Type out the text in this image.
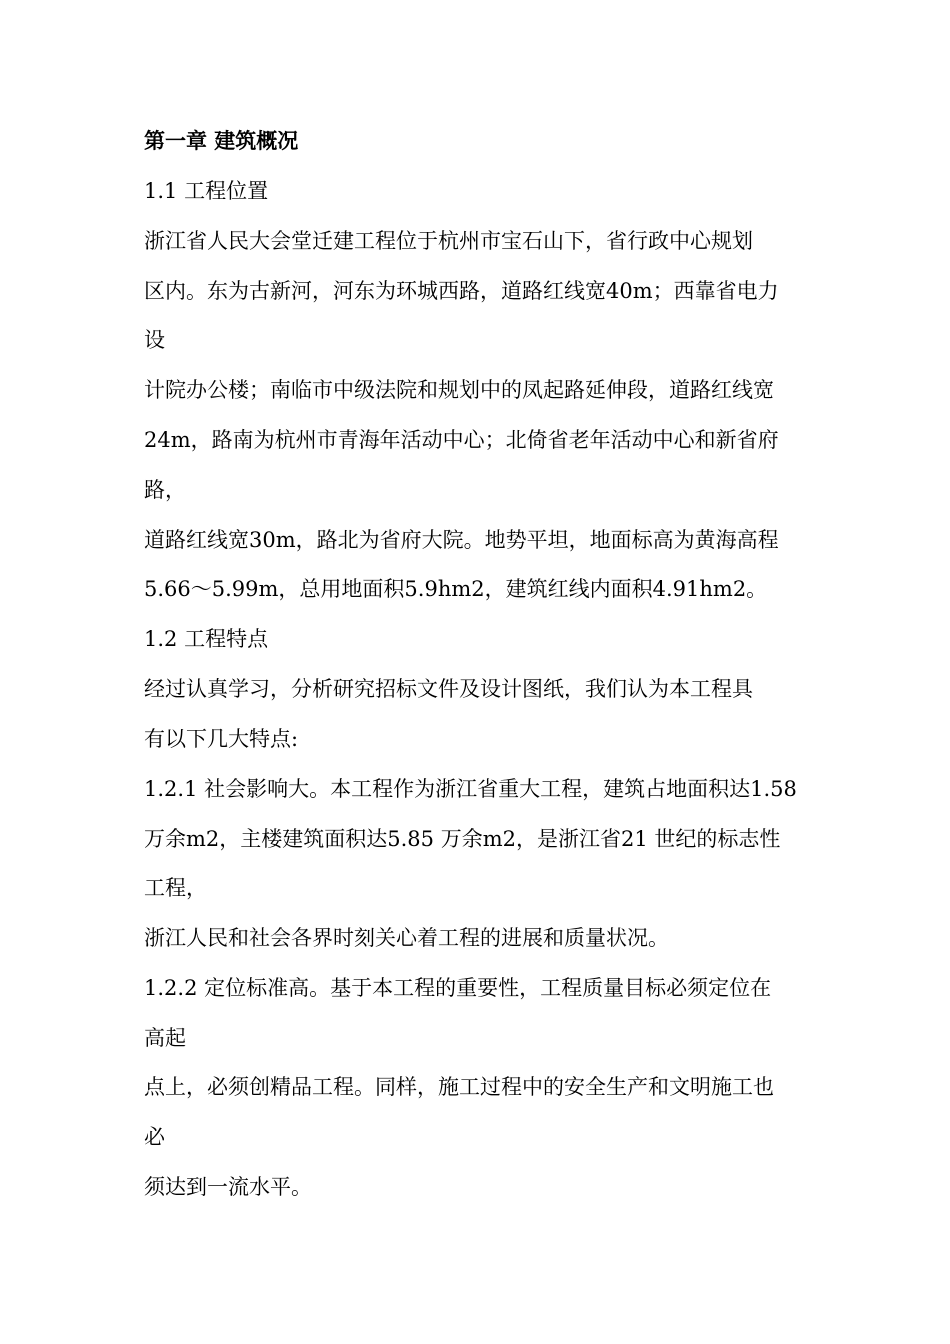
第一章 建筑概况
1.1 工程位置
浙江省人民大会堂迁建工程位于杭州市宝石山下，省行政中心规划
区内。东为古新河，河东为环城西路，道路红线宽40m；西靠省电力
设
计院办公楼；南临市中级法院和规划中的凤起路延伸段，道路红线宽
24m，路南为杭州市青海年活动中心；北倚省老年活动中心和新省府
路，
道路红线宽30m，路北为省府大院。地势平坦，地面标高为黄海高程
5.66～5.99m，总用地面积5.9hm2，建筑红线内面积4.91hm2。
1.2 工程特点
经过认真学习，分析研究招标文件及设计图纸，我们认为本工程具
有以下几大特点:
1.2.1 社会影响大。本工程作为浙江省重大工程，建筑占地面积达1.58
万余m2，主楼建筑面积达5.85 万余m2，是浙江省21 世纪的标志性
工程，
浙江人民和社会各界时刻关心着工程的进展和质量状况。
1.2.2 定位标准高。基于本工程的重要性，工程质量目标必须定位在
高起
点上，必须创精品工程。同样，施工过程中的安全生产和文明施工也
必
须达到一流水平。
